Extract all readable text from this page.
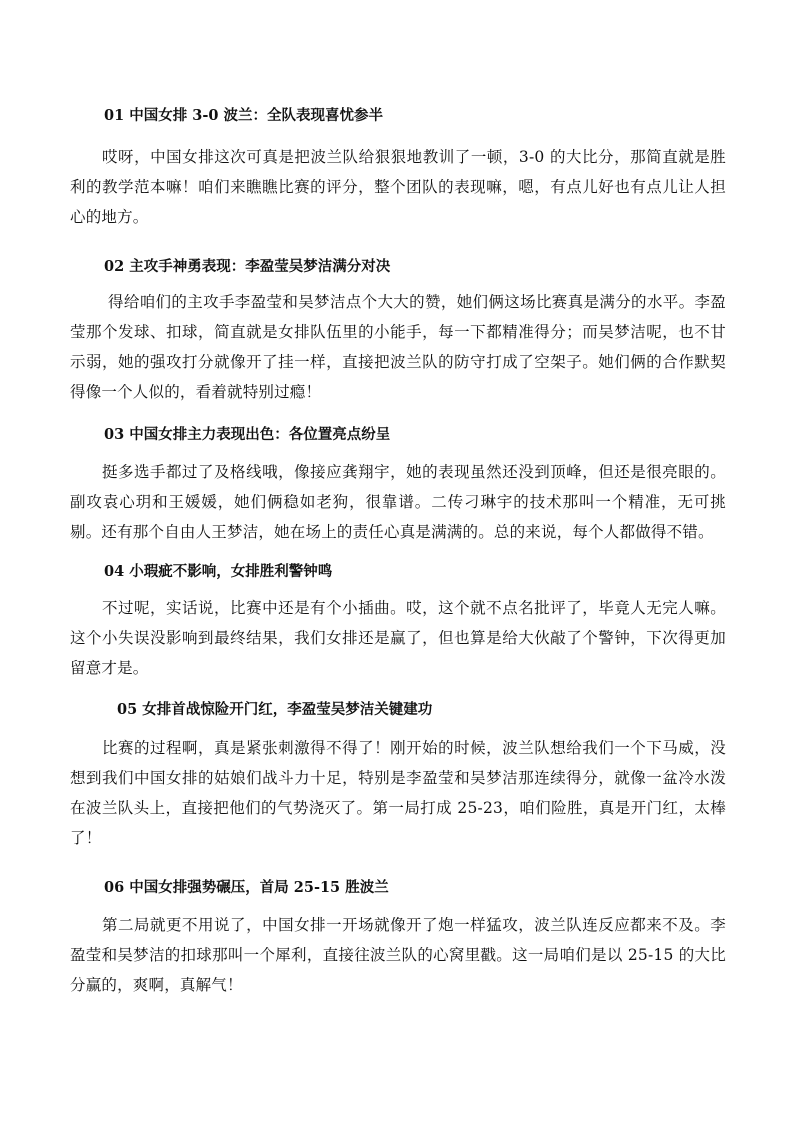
01 中国女排 3-0 波兰：全队表现喜忧参半
哎呀，中国女排这次可真是把波兰队给狠狠地教训了一顿，3-0 的大比分，那简直就是胜利的教学范本嘛！咱们来瞧瞧比赛的评分，整个团队的表现嘛，嗯，有点儿好也有点儿让人担心的地方。
02 主攻手神勇表现：李盈莹吴梦洁满分对决
得给咱们的主攻手李盈莹和吴梦洁点个大大的赞，她们俩这场比赛真是满分的水平。李盈莹那个发球、扣球，简直就是女排队伍里的小能手，每一下都精准得分；而吴梦洁呢，也不甘示弱，她的强攻打分就像开了挂一样，直接把波兰队的防守打成了空架子。她们俩的合作默契得像一个人似的，看着就特别过瘾！
03 中国女排主力表现出色：各位置亮点纷呈
挺多选手都过了及格线哦，像接应龚翔宇，她的表现虽然还没到顶峰，但还是很亮眼的。副攻袁心玥和王媛媛，她们俩稳如老狗，很靠谱。二传刁琳宇的技术那叫一个精准，无可挑剔。还有那个自由人王梦洁，她在场上的责任心真是满满的。总的来说，每个人都做得不错。
04 小瑕疵不影响，女排胜利警钟鸣
不过呢，实话说，比赛中还是有个小插曲。哎，这个就不点名批评了，毕竟人无完人嘛。这个小失误没影响到最终结果，我们女排还是赢了，但也算是给大伙敲了个警钟，下次得更加留意才是。
05 女排首战惊险开门红，李盈莹吴梦洁关键建功
比赛的过程啊，真是紧张刺激得不得了！刚开始的时候，波兰队想给我们一个下马威，没想到我们中国女排的姑娘们战斗力十足，特别是李盈莹和吴梦洁那连续得分，就像一盆冷水泼在波兰队头上，直接把他们的气势浇灭了。第一局打成 25-23，咱们险胜，真是开门红，太棒了！
06 中国女排强势碾压，首局 25-15 胜波兰
第二局就更不用说了，中国女排一开场就像开了炮一样猛攻，波兰队连反应都来不及。李盈莹和吴梦洁的扣球那叫一个犀利，直接往波兰队的心窝里戳。这一局咱们是以 25-15 的大比分赢的，爽啊，真解气！
